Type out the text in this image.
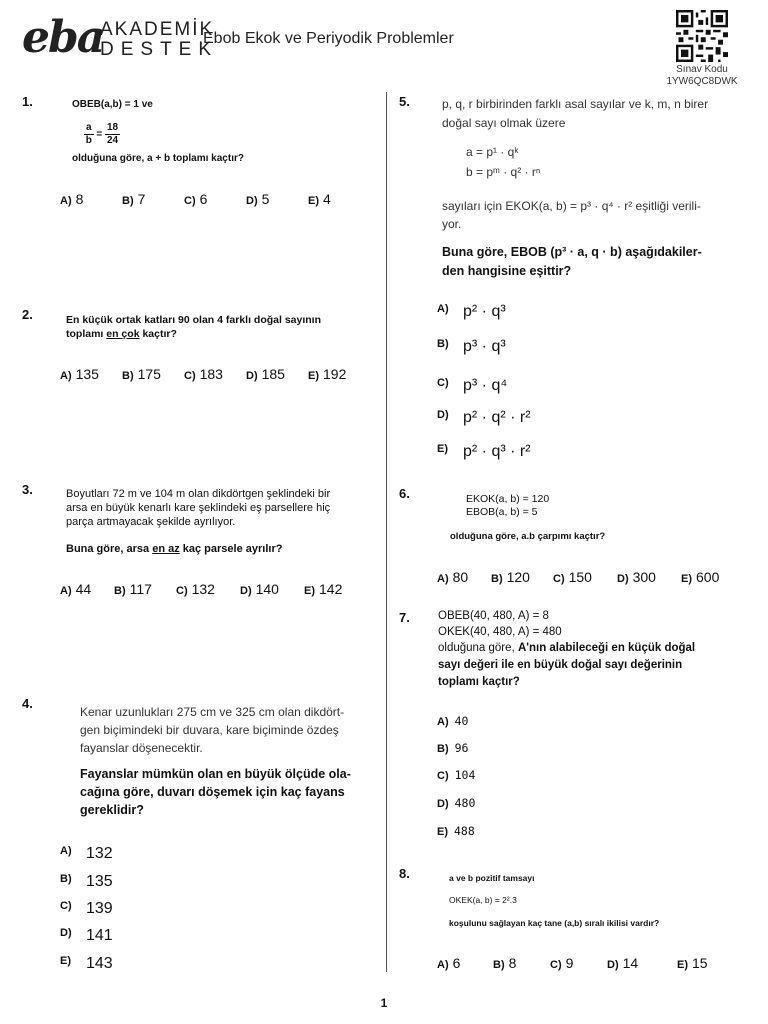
eba
AKADEMİK
DESTEK
Ebob Ekok ve Periyodik Problemler
Sınav Kodu
1YW6QC8DWK
1.	OBEB(a,b) = 1 ve
$\frac{a}{b} = \frac{18}{24}$
olduğuna göre, a + b toplamı kaçtır?
A) 8	B) 7	C) 6	D) 5	E) 4
2.	En küçük ortak katları 90 olan 4 farklı doğal sayının
toplamı en çok kaçtır?
A) 135 B) 175 C) 183 D) 185 E) 192
3.	Boyutları 72 m ve 104 m olan dikdörtgen şeklindeki bir
arsa en büyük kenarlı kare şeklindeki eş parsellere hiç
parça artmayacak şekilde ayrılıyor.
Buna göre, arsa en az kaç parsele ayrılır?
A) 44 B) 117 C) 132 D) 140 E) 142
4.
Kenar uzunlukları 275 cm ve 325 cm olan dikdört-
gen biçimindeki bir duvara, kare biçiminde özdeş
fayanslar döşenecektir.
Fayanslar mümkün olan en büyük ölçüde ola-
cağına göre, duvarı döşemek için kaç fayans
gereklidir?
A) 132
B) 135
C) 139
D) 141
E) 143
5.	p, q, r birbirinden farklı asal sayılar ve k, m, n birer
doğal sayı olmak üzere
a = p¹ · qᵏ
b = pᵐ · q² · rⁿ
sayıları için EKOK(a, b) = p³ · q⁴ · r² eşitliği verili-
yor.
Buna göre, EBOB (p³ · a, q · b) aşağıdakiler-
den hangisine eşittir?
A) p² · q³
B) p³ · q³
C) p³ · q⁴
D) p² · q² · r²
E) p² · q³ · r²
6.	EKOK(a, b) = 120
EBOB(a, b) = 5
olduğuna göre, a.b çarpımı kaçtır?
A) 80 B) 120 C) 150 D) 300 E) 600
7. OBEB(40, 480, A) = 8
OKEK(40, 480, A) = 480
olduğuna göre, A'nın alabileceği en küçük doğal
sayı değeri ile en büyük doğal sayı değerinin
toplamı kaçtır?
A) 40
B) 96
C) 104
D) 480
E) 488
8.	a ve b pozitif tamsayı
OKEK(a, b) = 2².3
koşulunu sağlayan kaç tane (a,b) sıralı ikilisi vardır?
A) 6	B) 8	C) 9	D) 14	E) 15
1
